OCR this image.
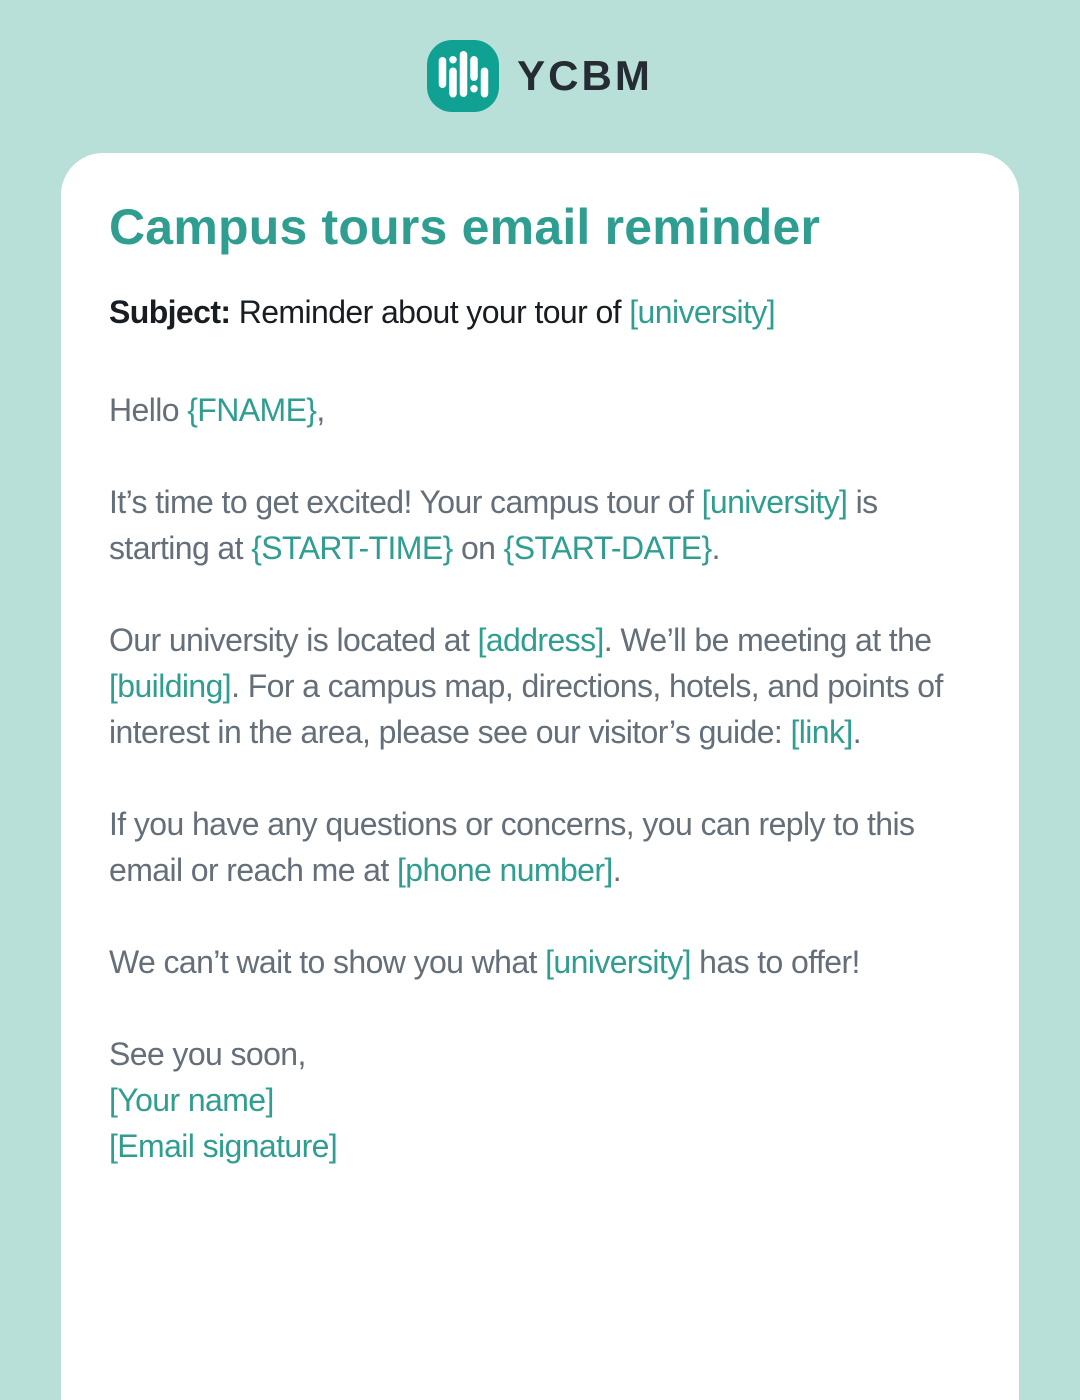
YCBM
Campus tours email reminder

Subject: Reminder about your tour of [university]

Hello {FNAME},

It’s time to get excited! Your campus tour of [university] is starting at {START-TIME} on {START-DATE}.

Our university is located at [address]. We’ll be meeting at the [building]. For a campus map, directions, hotels, and points of interest in the area, please see our visitor’s guide: [link].

If you have any questions or concerns, you can reply to this email or reach me at [phone number].

We can’t wait to show you what [university] has to offer!

See you soon,
[Your name]
[Email signature]
